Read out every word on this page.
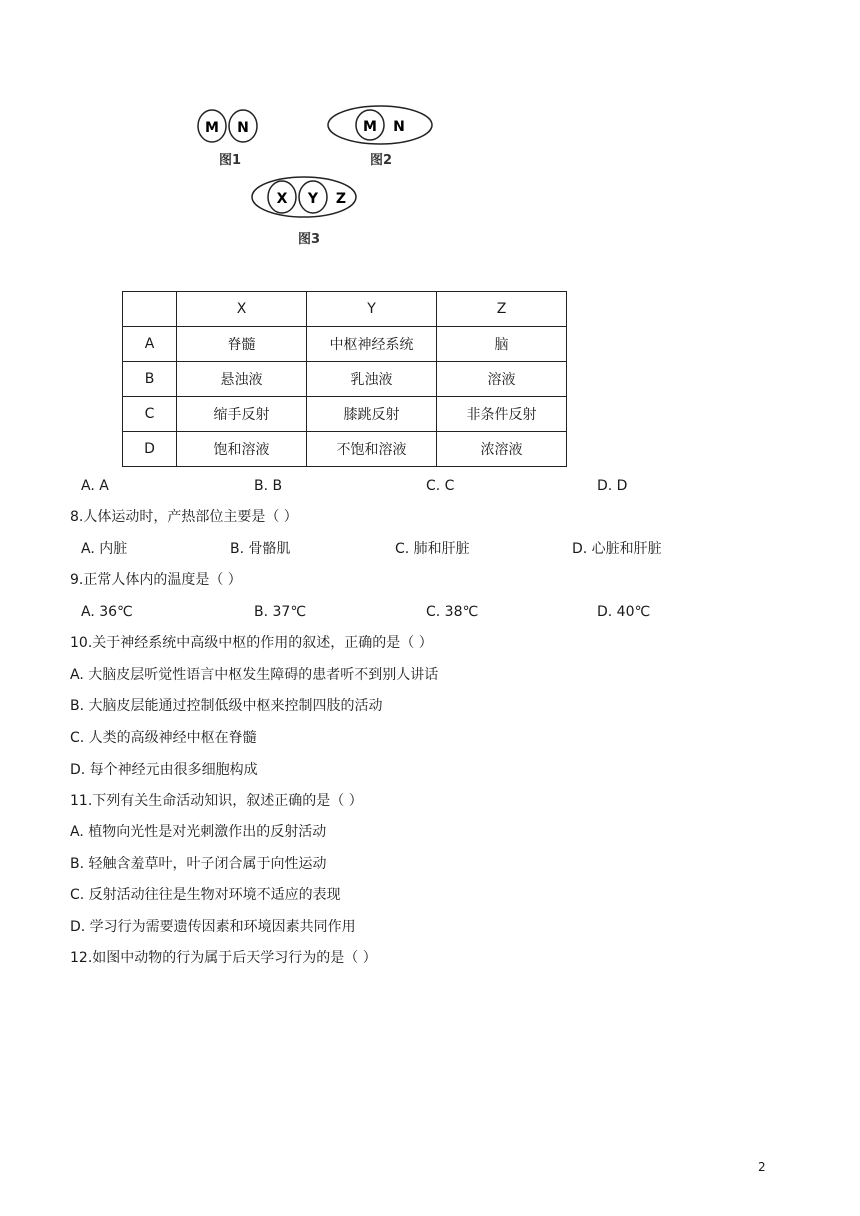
M N
图1
M N
图2
X Y Z
图3
	X	Y	Z
A	脊髓	中枢神经系统	脑
B	悬浊液	乳浊液	溶液
C	缩手反射	膝跳反射	非条件反射
D	饱和溶液	不饱和溶液	浓溶液
A. A	B. B	C. C	D. D
8.人体运动时，产热部位主要是（ ）
A. 内脏	B. 骨骼肌	C. 肺和肝脏	D. 心脏和肝脏
9.正常人体内的温度是（ ）
A. 36℃	B. 37℃	C. 38℃	D. 40℃
10.关于神经系统中高级中枢的作用的叙述，正确的是（ ）
A. 大脑皮层听觉性语言中枢发生障碍的患者听不到别人讲话
B. 大脑皮层能通过控制低级中枢来控制四肢的活动
C. 人类的高级神经中枢在脊髓
D. 每个神经元由很多细胞构成
11.下列有关生命活动知识，叙述正确的是（ ）
A. 植物向光性是对光刺激作出的反射活动
B. 轻触含羞草叶，叶子闭合属于向性运动
C. 反射活动往往是生物对环境不适应的表现
D. 学习行为需要遗传因素和环境因素共同作用
12.如图中动物的行为属于后天学习行为的是（ ）
2
